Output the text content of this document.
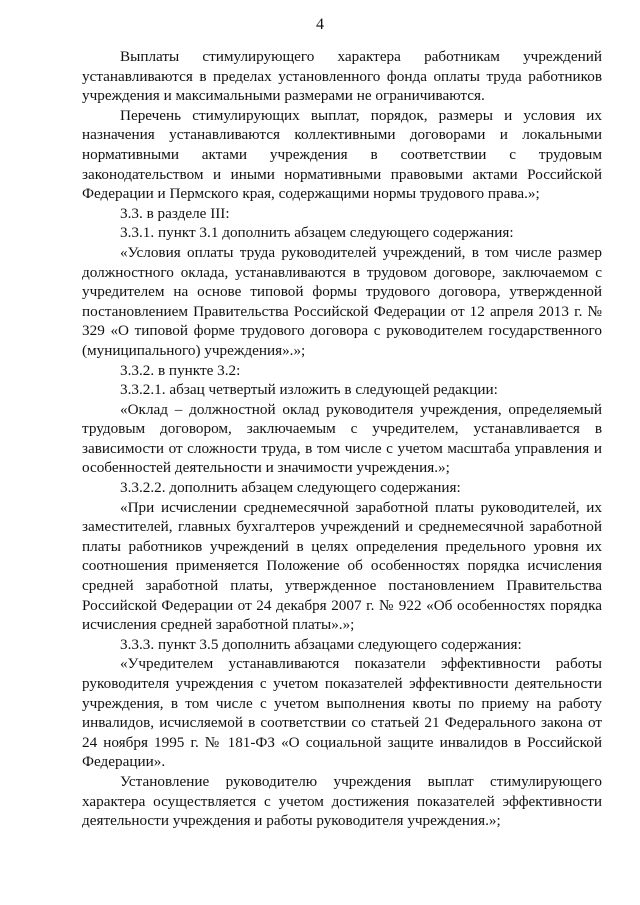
4

Выплаты стимулирующего характера работникам учреждений устанавливаются в пределах установленного фонда оплаты труда работников учреждения и максимальными размерами не ограничиваются.

Перечень стимулирующих выплат, порядок, размеры и условия их назначения устанавливаются коллективными договорами и локальными нормативными актами учреждения в соответствии с трудовым законодательством и иными нормативными правовыми актами Российской Федерации и Пермского края, содержащими нормы трудового права.»;

3.3. в разделе III:

3.3.1. пункт 3.1 дополнить абзацем следующего содержания:

«Условия оплаты труда руководителей учреждений, в том числе размер должностного оклада, устанавливаются в трудовом договоре, заключаемом с учредителем на основе типовой формы трудового договора, утвержденной постановлением Правительства Российской Федерации от 12 апреля 2013 г. № 329 «О типовой форме трудового договора с руководителем государственного (муниципального) учреждения».»;

3.3.2. в пункте 3.2:

3.3.2.1. абзац четвертый изложить в следующей редакции:

«Оклад – должностной оклад руководителя учреждения, определяемый трудовым договором, заключаемым с учредителем, устанавливается в зависимости от сложности труда, в том числе с учетом масштаба управления и особенностей деятельности и значимости учреждения.»;

3.3.2.2. дополнить абзацем следующего содержания:

«При исчислении среднемесячной заработной платы руководителей, их заместителей, главных бухгалтеров учреждений и среднемесячной заработной платы работников учреждений в целях определения предельного уровня их соотношения применяется Положение об особенностях порядка исчисления средней заработной платы, утвержденное постановлением Правительства Российской Федерации от 24 декабря 2007 г. № 922 «Об особенностях порядка исчисления средней заработной платы».»;

3.3.3. пункт 3.5 дополнить абзацами следующего содержания:

«Учредителем устанавливаются показатели эффективности работы руководителя учреждения с учетом показателей эффективности деятельности учреждения, в том числе с учетом выполнения квоты по приему на работу инвалидов, исчисляемой в соответствии со статьей 21 Федерального закона от 24 ноября 1995 г. № 181-ФЗ «О социальной защите инвалидов в Российской Федерации».

Установление руководителю учреждения выплат стимулирующего характера осуществляется с учетом достижения показателей эффективности деятельности учреждения и работы руководителя учреждения.»;
